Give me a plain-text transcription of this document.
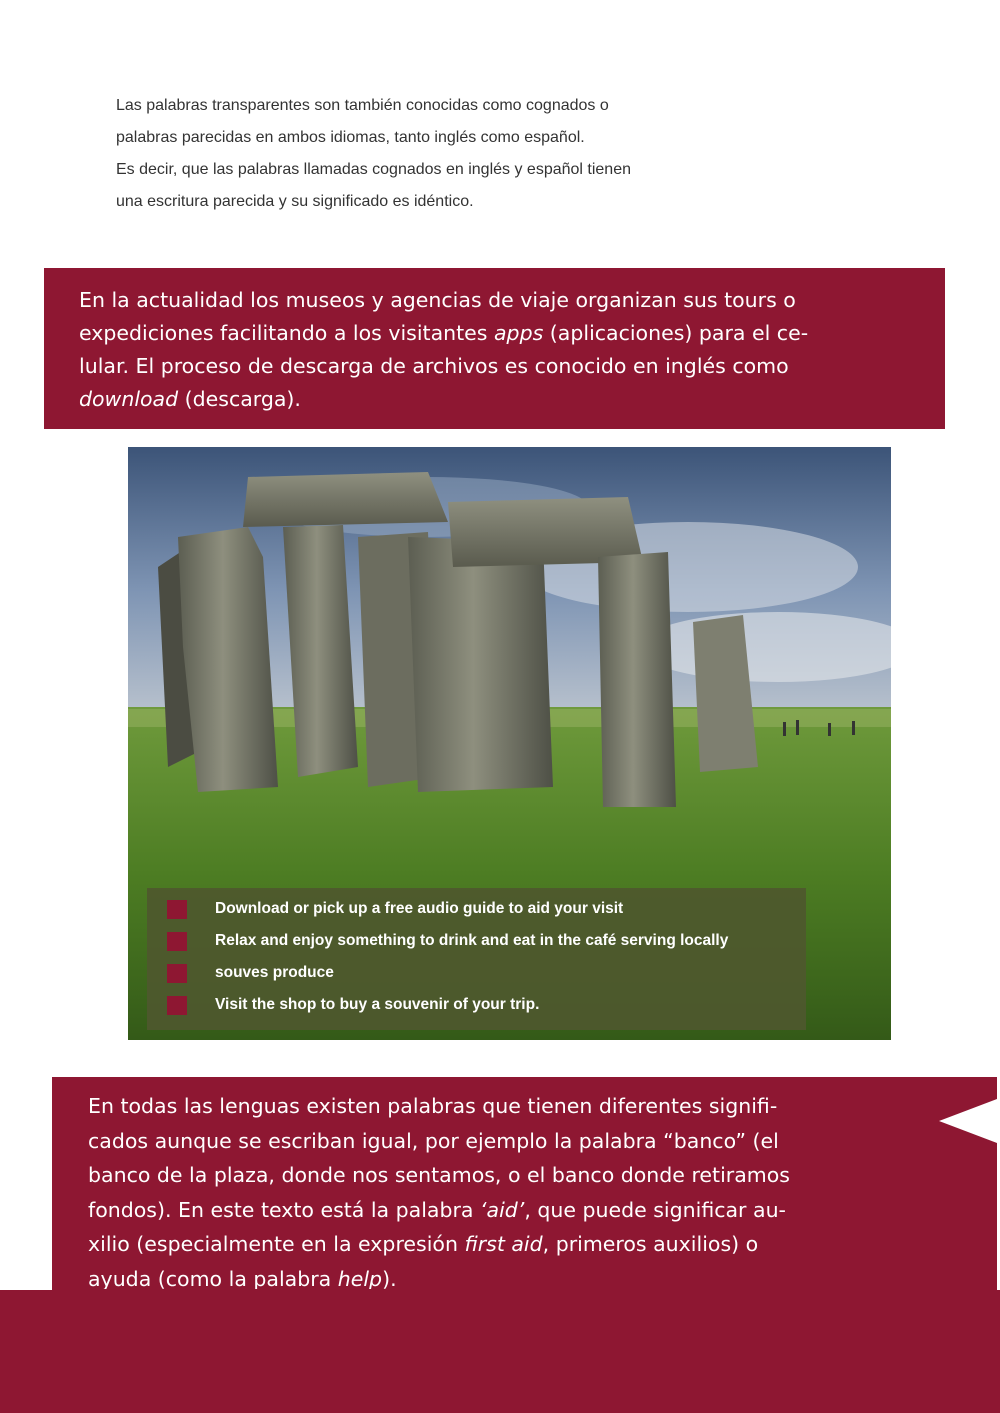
Las palabras transparentes son también conocidas como cognados o

palabras parecidas en ambos idiomas, tanto inglés como español.

Es decir, que las palabras llamadas cognados en inglés y español tienen

una escritura parecida y su significado es idéntico.

En la actualidad los museos y agencias de viaje organizan sus tours o
expediciones facilitando a los visitantes apps (aplicaciones) para el ce-
lular. El proceso de descarga de archivos es conocido en inglés como
download (descarga).
Download or pick up a free audio guide to aid your visit
Relax and enjoy something to drink and eat in the café serving locally
souves produce
Visit the shop to buy a souvenir of your trip.
En todas las lenguas existen palabras que tienen diferentes signifi-
cados aunque se escriban igual, por ejemplo la palabra “banco” (el
banco de la plaza, donde nos sentamos, o el banco donde retiramos
fondos). En este texto está la palabra ‘aid’, que puede significar au-
xilio (especialmente en la expresión first aid, primeros auxilios) o
ayuda (como la palabra help).
